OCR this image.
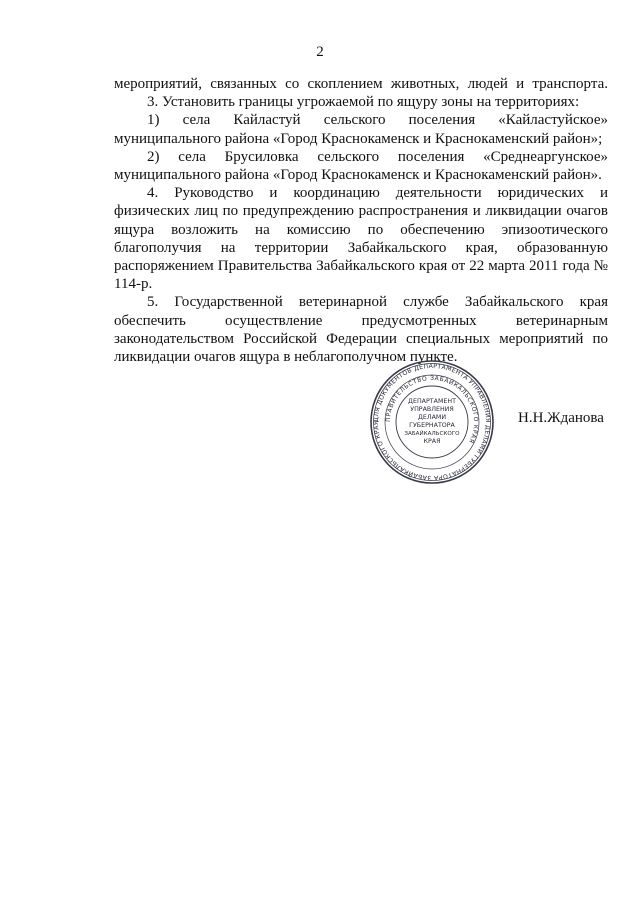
2

мероприятий, связанных со скоплением животных, людей и транспорта.

3. Установить границы угрожаемой по ящуру зоны на территориях:

1) села Кайластуй сельского поселения «Кайластуйское» муниципального района «Город Краснокаменск и Краснокаменский район»;

2) села Брусиловка сельского поселения «Среднеаргунское» муниципального района «Город Краснокаменск и Краснокаменский район».

4. Руководство и координацию деятельности юридических и физических лиц по предупреждению распространения и ликвидации очагов ящура возложить на комиссию по обеспечению эпизоотического благополучия на территории Забайкальского края, образованную распоряжением Правительства Забайкальского края от 22 марта 2011 года № 114-р.

5. Государственной ветеринарной службе Забайкальского края обеспечить осуществление предусмотренных ветеринарным законодательством Российской Федерации специальных мероприятий по ликвидации очагов ящура в неблагополучном пункте.

ДЛЯ ДОКУМЕНТОВ ДЕПАРТАМЕНТА УПРАВЛЕНИЯ ДЕЛАМИ ГУБЕРНАТОРА ЗАБАЙКАЛЬСКОГО КРАЯ
ПРАВИТЕЛЬСТВО ЗАБАЙКАЛЬСКОГО КРАЯ
ДЕПАРТАМЕНТ
УПРАВЛЕНИЯ
ДЕЛАМИ
ГУБЕРНАТОРА
ЗАБАЙКАЛЬСКОГО
КРАЯ
Н.Н.Жданова
